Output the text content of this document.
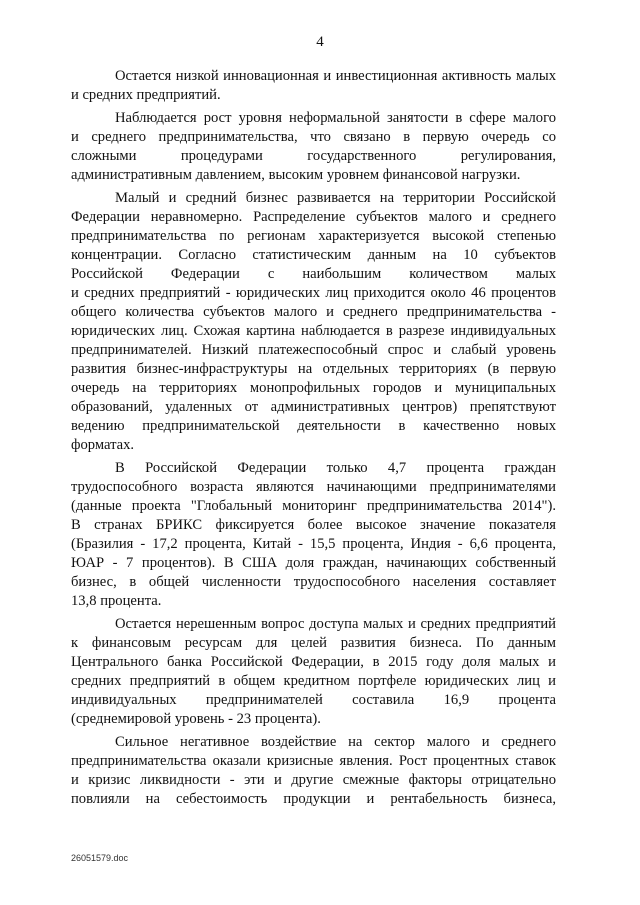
4
Остается низкой инновационная и инвестиционная активность малых
и средних предприятий.
Наблюдается рост уровня неформальной занятости в сфере малого
и среднего предпринимательства, что связано в первую очередь со
сложными процедурами государственного регулирования,
административным давлением, высоким уровнем финансовой нагрузки.
Малый и средний бизнес развивается на территории Российской
Федерации неравномерно. Распределение субъектов малого и среднего
предпринимательства по регионам характеризуется высокой степенью
концентрации. Согласно статистическим данным на 10 субъектов
Российской Федерации с наибольшим количеством малых
и средних предприятий - юридических лиц приходится около 46 процентов
общего количества субъектов малого и среднего предпринимательства -
юридических лиц. Схожая картина наблюдается в разрезе индивидуальных
предпринимателей. Низкий платежеспособный спрос и слабый уровень
развития бизнес-инфраструктуры на отдельных территориях (в первую
очередь на территориях монопрофильных городов и муниципальных
образований, удаленных от административных центров) препятствуют
ведению предпринимательской деятельности в качественно новых
форматах.
В Российской Федерации только 4,7 процента граждан
трудоспособного возраста являются начинающими предпринимателями
(данные проекта "Глобальный мониторинг предпринимательства 2014").
В странах БРИКС фиксируется более высокое значение показателя
(Бразилия - 17,2 процента, Китай - 15,5 процента, Индия - 6,6 процента,
ЮАР - 7 процентов). В США доля граждан, начинающих собственный
бизнес, в общей численности трудоспособного населения составляет
13,8 процента.
Остается нерешенным вопрос доступа малых и средних предприятий
к финансовым ресурсам для целей развития бизнеса. По данным
Центрального банка Российской Федерации, в 2015 году доля малых и
средних предприятий в общем кредитном портфеле юридических лиц и
индивидуальных предпринимателей составила 16,9 процента
(среднемировой уровень - 23 процента).
Сильное негативное воздействие на сектор малого и среднего
предпринимательства оказали кризисные явления. Рост процентных ставок
и кризис ликвидности - эти и другие смежные факторы отрицательно
повлияли на себестоимость продукции и рентабельность бизнеса,
26051579.doc
